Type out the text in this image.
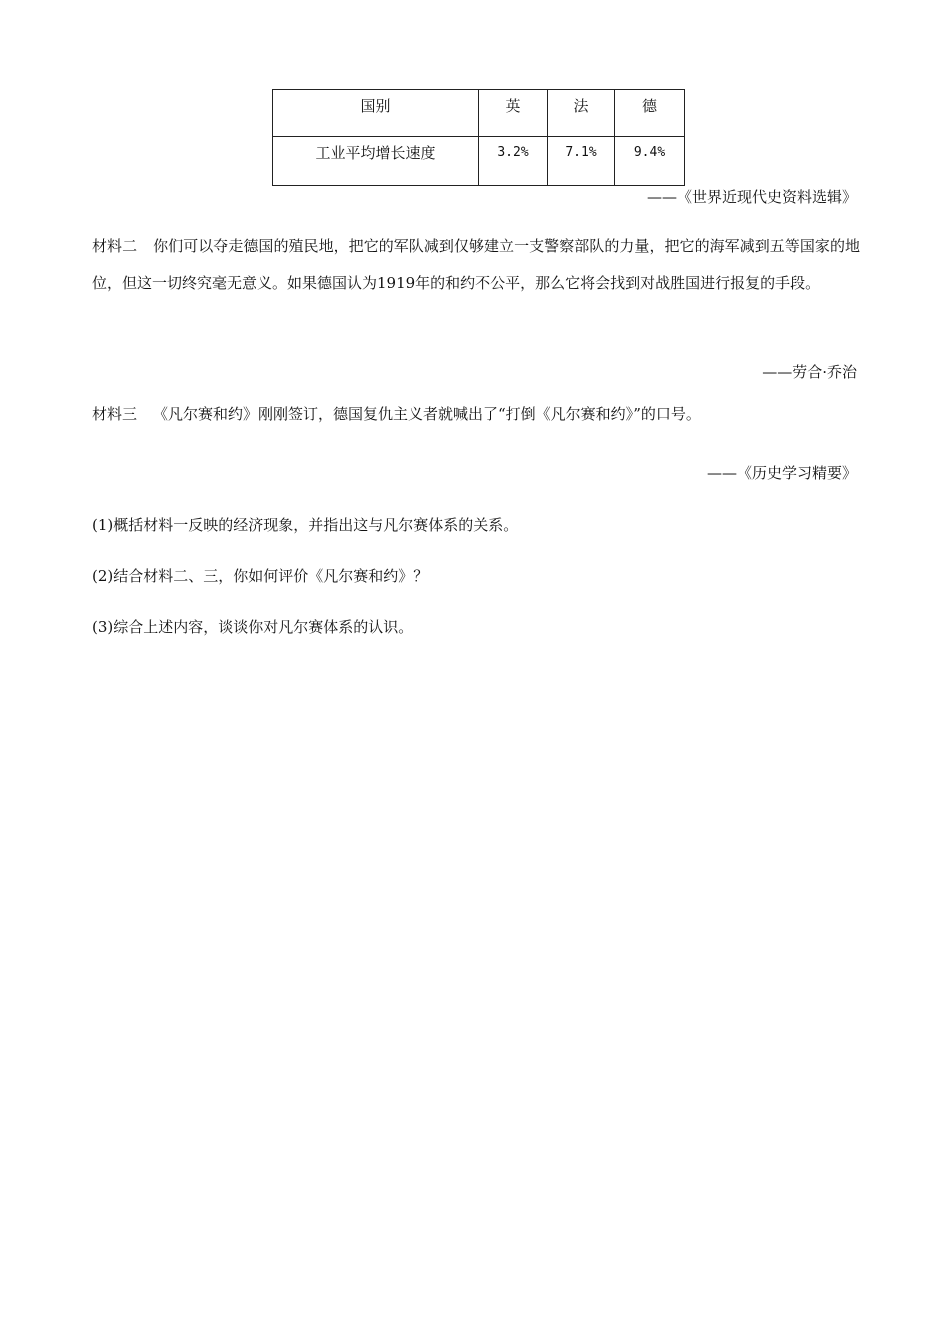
国别	英	法	德
工业平均增长速度	3.2%	7.1%	9.4%
——《世界近现代史资料选辑》
材料二 你们可以夺走德国的殖民地，把它的军队减到仅够建立一支警察部队的力量，把它的海军减到五等国家的地位，但这一切终究毫无意义。如果德国认为1919年的和约不公平，那么它将会找到对战胜国进行报复的手段。
——劳合·乔治
材料三 《凡尔赛和约》刚刚签订，德国复仇主义者就喊出了“打倒《凡尔赛和约》”的口号。
——《历史学习精要》
(1)概括材料一反映的经济现象，并指出这与凡尔赛体系的关系。
(2)结合材料二、三，你如何评价《凡尔赛和约》？
(3)综合上述内容，谈谈你对凡尔赛体系的认识。
